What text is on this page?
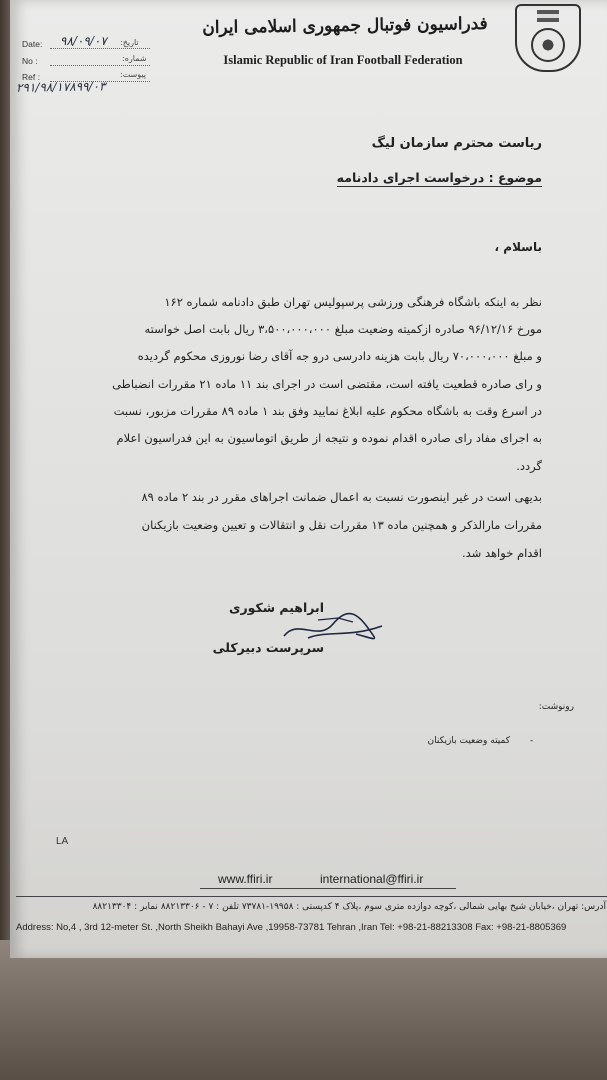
فدراسیون فوتبال جمهوری اسلامی ایران
Islamic Republic of Iran Football Federation
Date: ۹۸/۰۹/۰۷ تاریخ:
No :	شماره:
Ref :	پیوست:
۲۹۱/۹۸/۱۷۸۹۹/۰۳
ریاست محترم سازمان لیگ
موضوع : درخواست اجرای دادنامه
باسلام ،
نظر به اینکه باشگاه فرهنگی ورزشی پرسپولیس تهران طبق دادنامه شماره ۱۶۲
مورخ ۹۶/۱۲/۱۶ صادره ازکمیته وضعیت مبلغ ۳،۵۰۰،۰۰۰،۰۰۰ ریال بابت اصل خواسته
و مبلغ ۷۰،۰۰۰،۰۰۰ ریال بابت هزینه دادرسی درو جه آقای رضا نوروزی محکوم گردیده
و رای صادره قطعیت یافته است، مقتضی است در اجرای بند ۱۱ ماده ۲۱ مقررات انضباطی
در اسرع وقت به باشگاه محکوم علیه ابلاغ نمایید وفق بند ۱ ماده ۸۹ مقررات مزبور، نسبت
به اجرای مفاد رای صادره اقدام نموده و نتیجه از طریق اتوماسیون به این فدراسیون اعلام
گردد.
بدیهی است در غیر اینصورت نسبت به اعمال ضمانت اجراهای مقرر در بند ۲ ماده ۸۹
مقررات مارالذکر و همچنین ماده ۱۳ مقررات نقل و انتقالات و تعیین وضعیت بازیکنان
اقدام خواهد شد.
ابراهیم شکوری
سرپرست دبیرکلی
رونوشت:
کمیته وضعیت بازیکنان -
LA
www.ffiri.ir	international@ffiri.ir
آدرس: تهران ،خیابان شیخ بهایی شمالی ،کوچه دوازده متری سوم ،پلاک ۴ کدپستی : ۱۹۹۵۸-۷۳۷۸۱ تلفن : ۷ - ۸۸۲۱۳۳۰۶ نمابر : ۸۸۲۱۳۳۰۴
Address: No,4 , 3rd 12-meter St. ,North Sheikh Bahayi Ave ,19958-73781 Tehran ,Iran Tel: +98-21-88213308 Fax: +98-21-8805369
